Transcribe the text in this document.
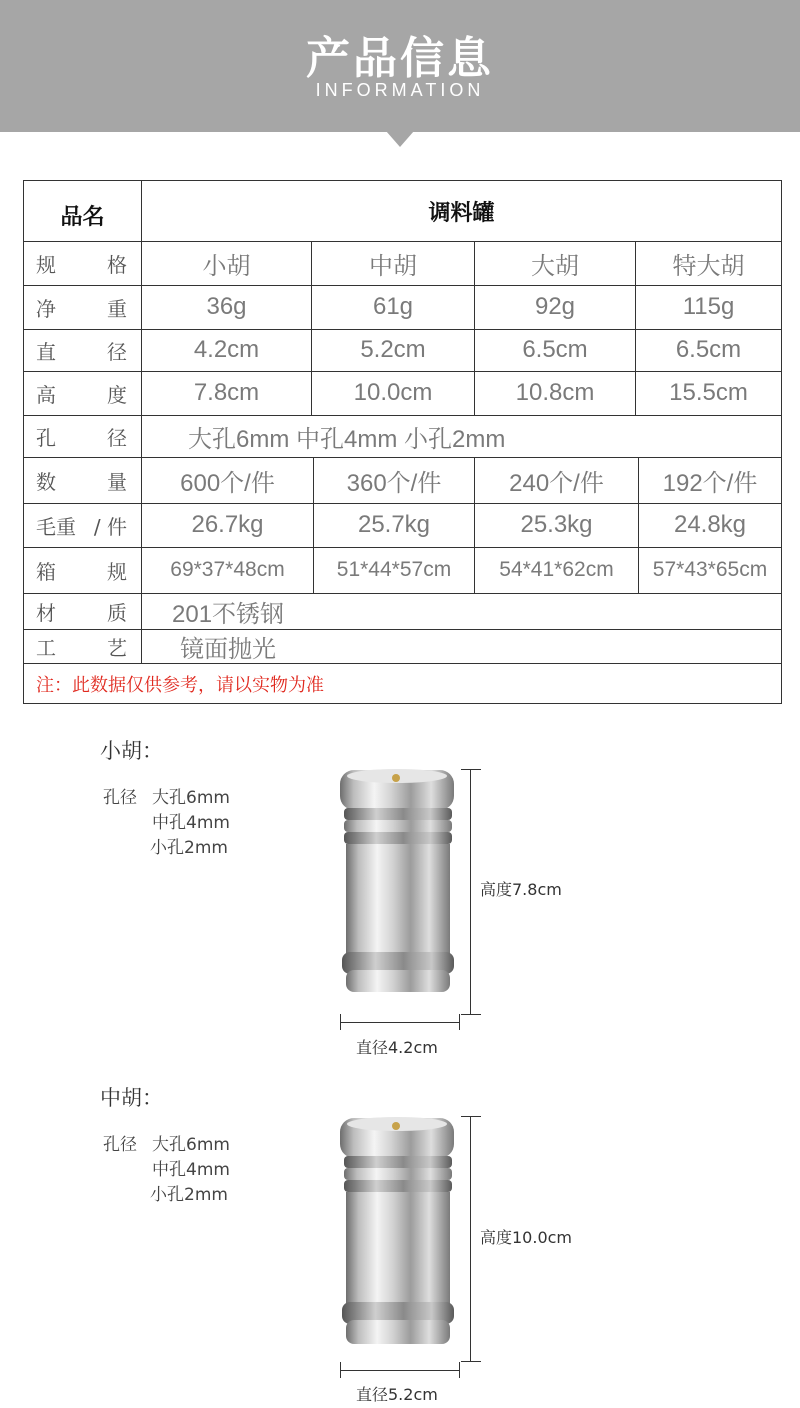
产品信息
INFORMATION
品名	调料罐
规	格	小胡	中胡	大胡	特大胡
净	重	36g	61g	92g	115g
直	径	4.2cm	5.2cm	6.5cm	6.5cm
高	度	7.8cm	10.0cm	10.8cm	15.5cm
孔	径	大孔6mm 中孔4mm 小孔2mm
数	量	600个/件	360个/件	240个/件	192个/件
毛重 / 件	26.7kg	25.7kg	25.3kg	24.8kg
箱	规	69*37*48cm	51*44*57cm	54*41*62cm	57*43*65cm
材	质	201不锈钢
工	艺	镜面抛光
注：此数据仅供参考，请以实物为准
小胡：
孔径 大孔6mm
中孔4mm
小孔2mm
高度7.8cm
直径4.2cm
中胡：
孔径 大孔6mm
中孔4mm
小孔2mm
高度10.0cm
直径5.2cm
